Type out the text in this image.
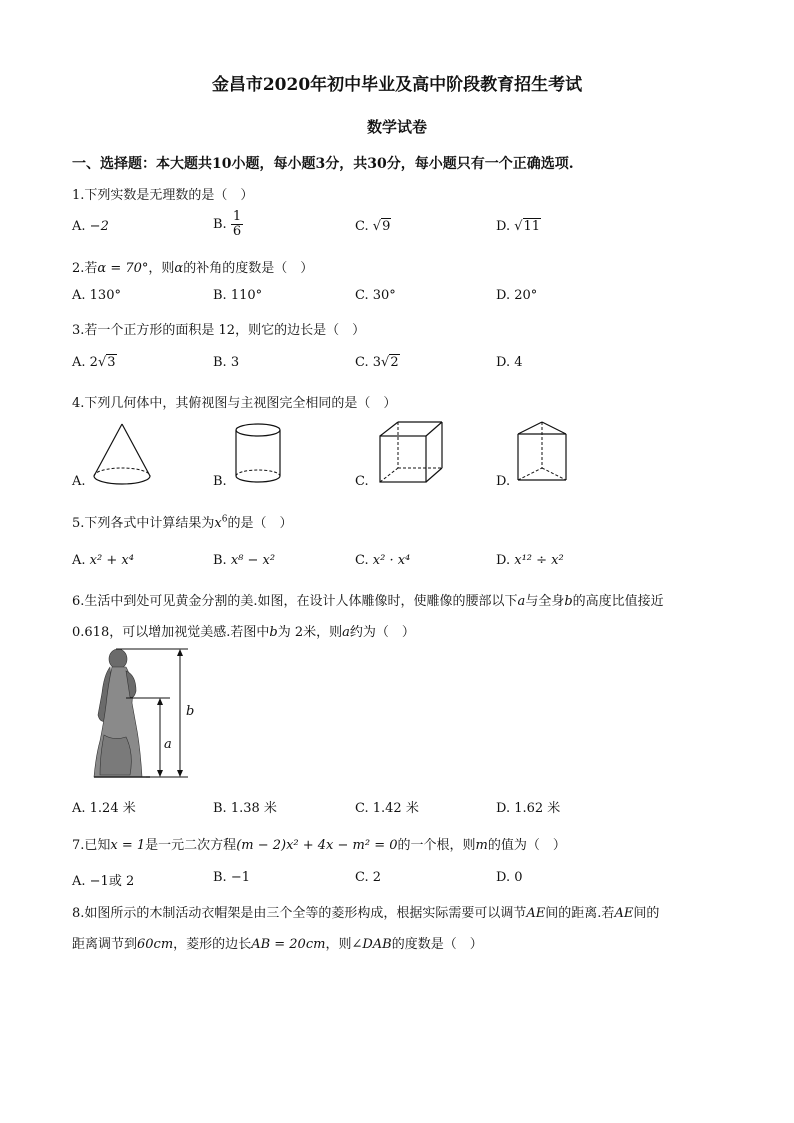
金昌市2020年初中毕业及高中阶段教育招生考试
数学试卷
一、选择题：本大题共10小题，每小题3分，共30分，每小题只有一个正确选项.
1.下列实数是无理数的是（　）
A. −2	B. $\frac{1}{6}$	C. √9	D. √11
2.若α = 70°，则α的补角的度数是（　）
A. 130°	B. 110°	C. 30°	D. 20°
3.若一个正方形的面积是 12，则它的边长是（　）
A. 2√3	B. 3	C. 3√2	D. 4
4.下列几何体中，其俯视图与主视图完全相同的是（　）
A.	B.	C.	D.
5.下列各式中计算结果为$x^6$的是（　）
A. x² + x⁴	B. x⁸ − x²	C. x² · x⁴	D. x¹² ÷ x²
6.生活中到处可见黄金分割的美.如图，在设计人体雕像时，使雕像的腰部以下a与全身b的高度比值接近
0.618，可以增加视觉美感.若图中b为 2米，则a约为（　）
b
a
A. 1.24 米	B. 1.38 米	C. 1.42 米	D. 1.62 米
7.已知x = 1是一元二次方程(m − 2)x² + 4x − m² = 0的一个根，则m的值为（　）
A. −1或 2	B. −1	C. 2	D. 0
8.如图所示的木制活动衣帽架是由三个全等的菱形构成，根据实际需要可以调节AE间的距离.若AE间的
距离调节到60cm，菱形的边长AB = 20cm，则∠DAB的度数是（　）
